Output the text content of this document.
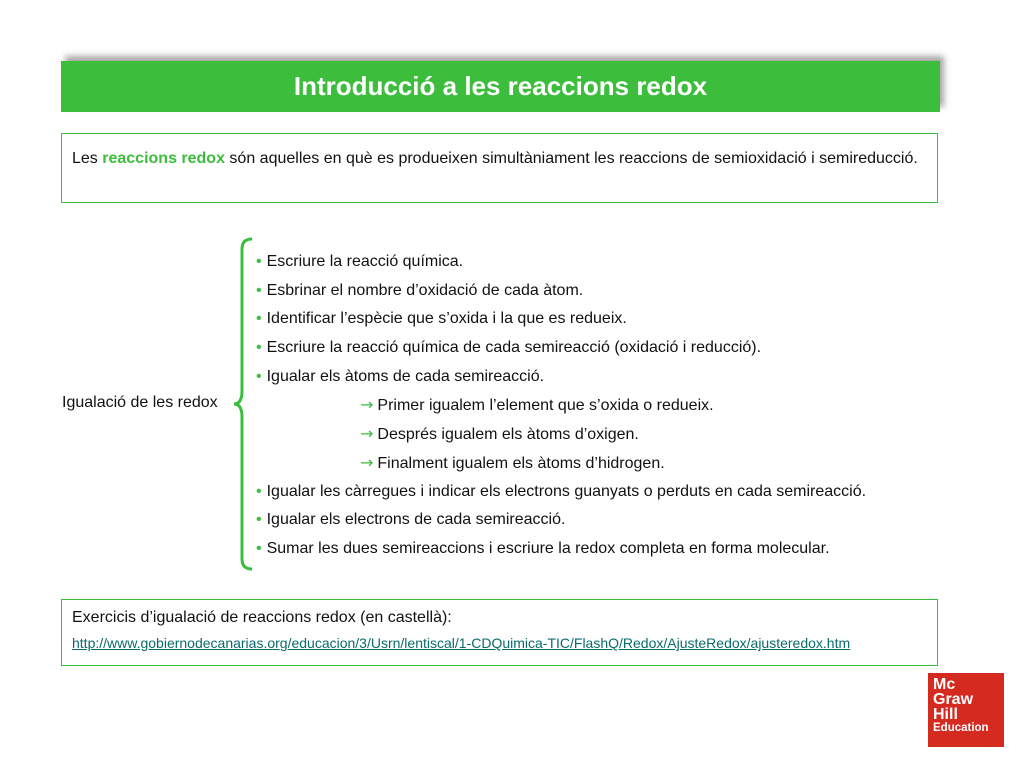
Introducció a les reaccions redox
Les reaccions redox són aquelles en què es produeixen simultàniament les reaccions de semioxidació i semireducció.
Igualació de les redox
• Escriure la reacció química.
• Esbrinar el nombre d’oxidació de cada àtom.
• Identificar l’espècie que s’oxida i la que es redueix.
• Escriure la reacció química de cada semireacció (oxidació i reducció).
• Igualar els àtoms de cada semireacció.
→ Primer igualem l’element que s’oxida o redueix.
→ Després igualem els àtoms d’oxigen.
→ Finalment igualem els àtoms d’hidrogen.
• Igualar les càrregues i indicar els electrons guanyats o perduts en cada semireacció.
• Igualar els electrons de cada semireacció.
• Sumar les dues semireaccions i escriure la redox completa en forma molecular.
Exercicis d’igualació de reaccions redox (en castellà):
http://www.gobiernodecanarias.org/educacion/3/Usrn/lentiscal/1-CDQuimica-TIC/FlashQ/Redox/AjusteRedox/ajusteredox.htm
Mc
Graw
Hill
Education
